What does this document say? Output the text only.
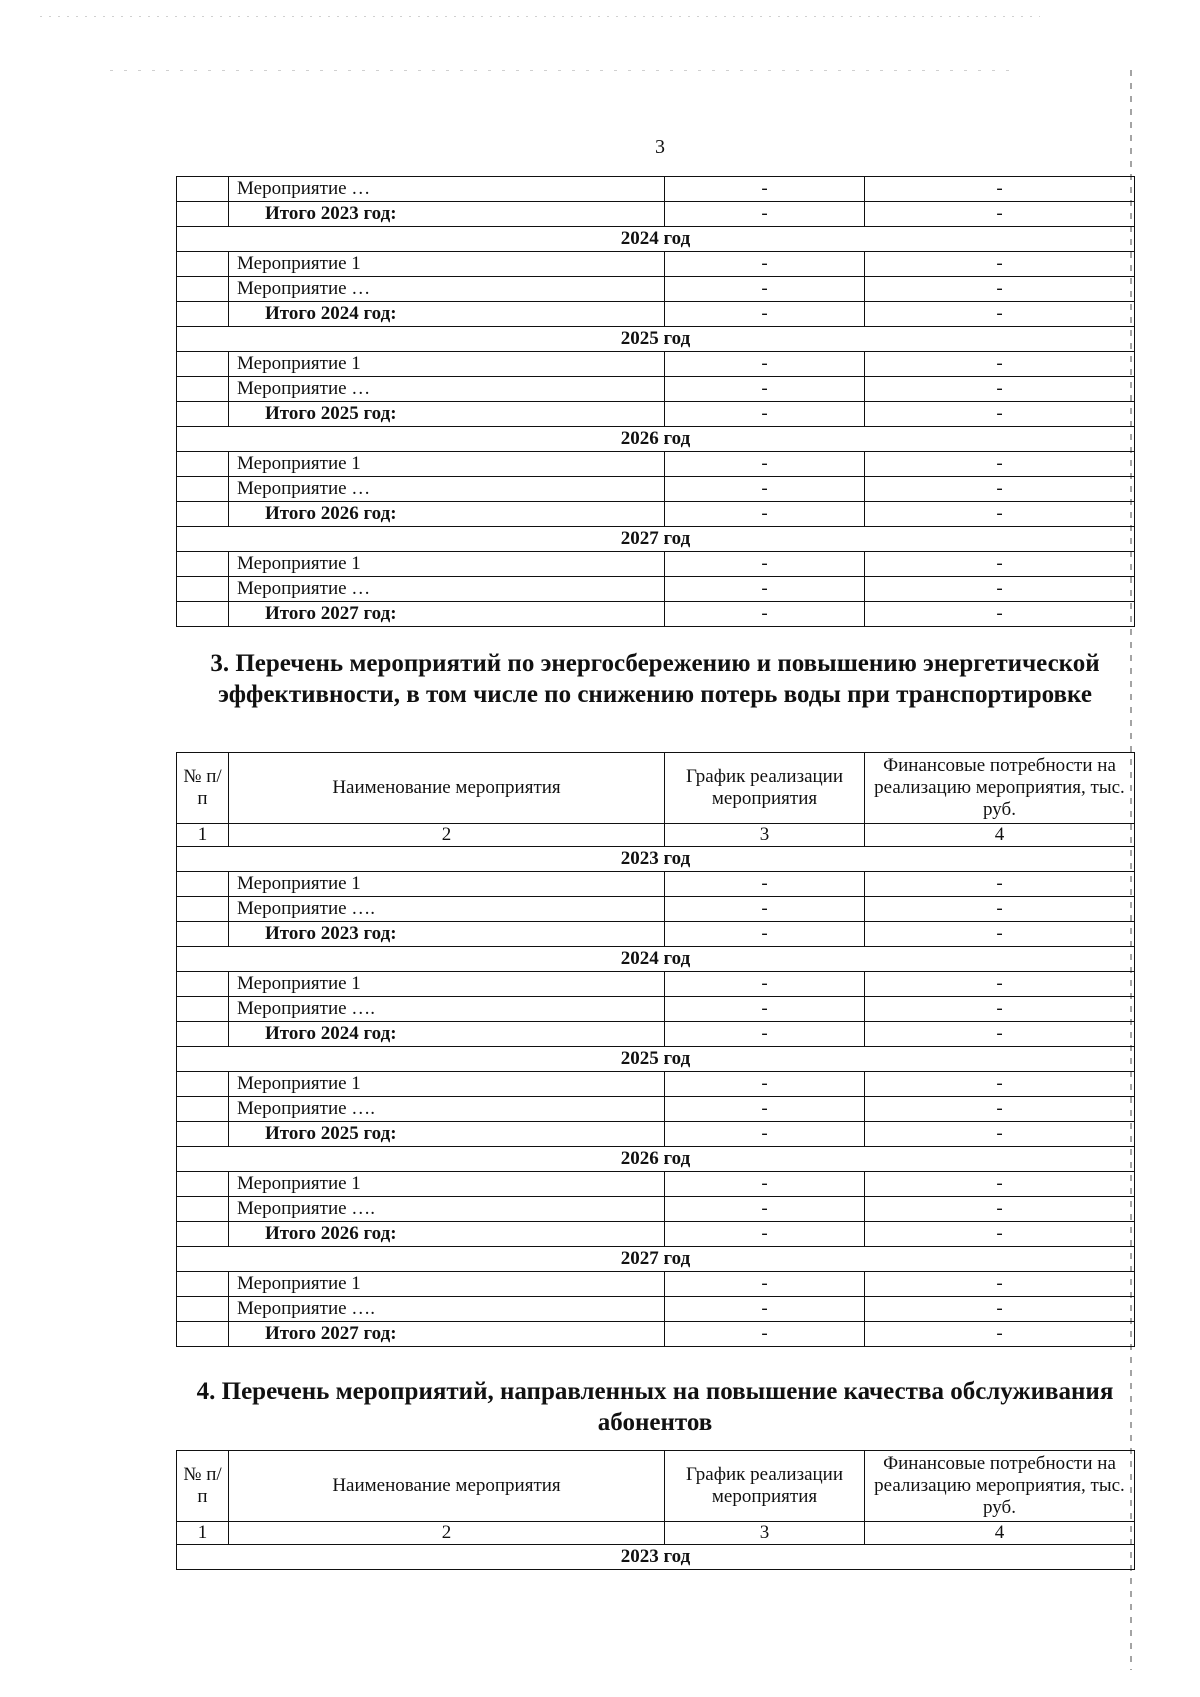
3
	Мероприятие …	-	-
	Итого 2023 год:	-	-
2024 год			
	Мероприятие 1	-	-
	Мероприятие …	-	-
	Итого 2024 год:	-	-
2025 год			
	Мероприятие 1	-	-
	Мероприятие …	-	-
	Итого 2025 год:	-	-
2026 год			
	Мероприятие 1	-	-
	Мероприятие …	-	-
	Итого 2026 год:	-	-
2027 год			
	Мероприятие 1	-	-
	Мероприятие …	-	-
	Итого 2027 год:	-	-
3. Перечень мероприятий по энергосбережению и повышению энергетической эффективности, в том числе по снижению потерь воды при транспортировке
№ п/п	Наименование мероприятия	График реализации мероприятия	Финансовые потребности на реализацию мероприятия, тыс. руб.
1	2	3	4
2023 год			
	Мероприятие 1	-	-
	Мероприятие ….	-	-
	Итого 2023 год:	-	-
2024 год			
	Мероприятие 1	-	-
	Мероприятие ….	-	-
	Итого 2024 год:	-	-
2025 год			
	Мероприятие 1	-	-
	Мероприятие ….	-	-
	Итого 2025 год:	-	-
2026 год			
	Мероприятие 1	-	-
	Мероприятие ….	-	-
	Итого 2026 год:	-	-
2027 год			
	Мероприятие 1	-	-
	Мероприятие ….	-	-
	Итого 2027 год:	-	-
4. Перечень мероприятий, направленных на повышение качества обслуживания абонентов
№ п/п	Наименование мероприятия	График реализации мероприятия	Финансовые потребности на реализацию мероприятия, тыс. руб.
1	2	3	4
2023 год			
